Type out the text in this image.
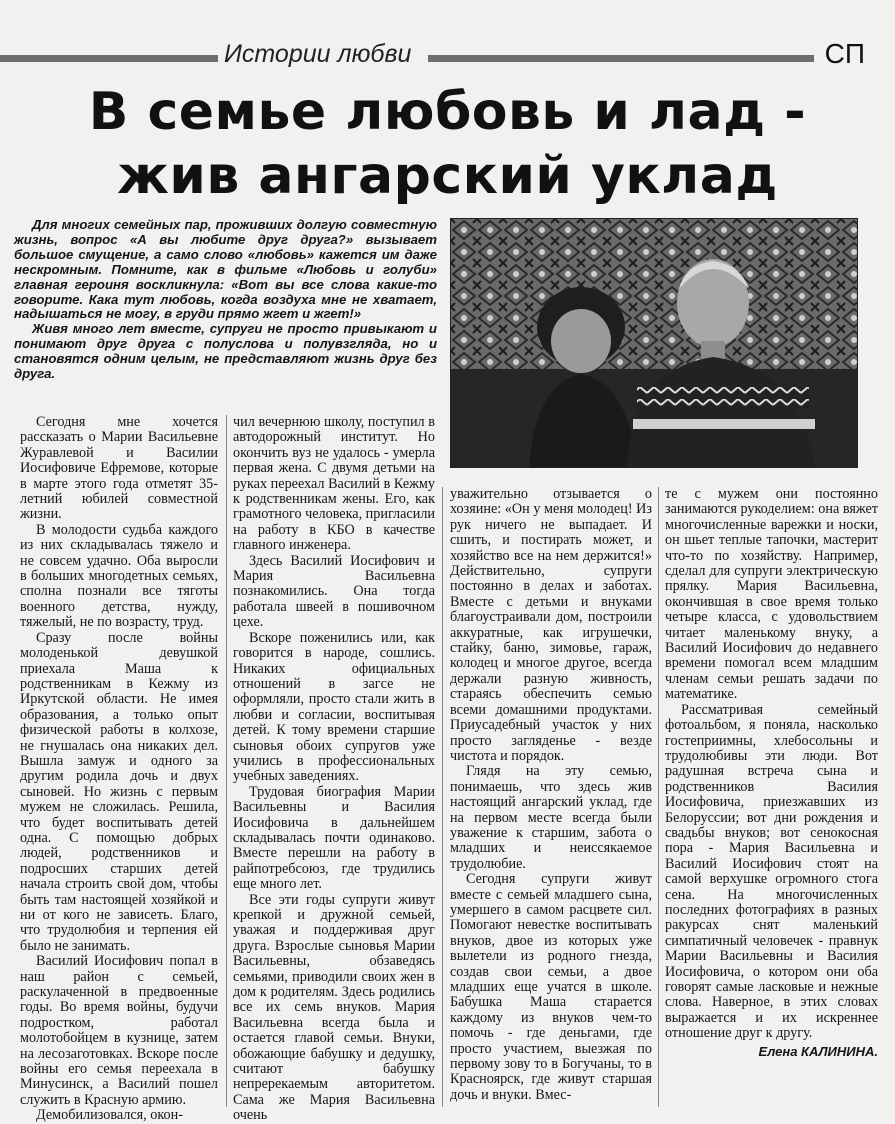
Истории любви	СП
В семье любовь и лад -
жив ангарский уклад

Для многих семейных пар, проживших долгую совместную жизнь, вопрос «А вы любите друг друга?» вызывает большое смущение, а само слово «любовь» кажется им даже нескромным. Помните, как в фильме «Любовь и голуби» главная героиня воскликнула: «Вот вы все слова какие-то говорите. Кака тут любовь, когда воздуха мне не хватает, надышаться не могу, в груди прямо жгет и жгет!»

Живя много лет вместе, супруги не просто привыкают и понимают друг друга с полуслова и полувзгляда, но и становятся одним целым, не представляют жизнь друг без друга.

Сегодня мне хочется рассказать о Марии Васильевне Журавлевой и Василии Иосифовиче Ефремове, которые в марте этого года отметят 35-летний юбилей совместной жизни.

В молодости судьба каждого из них складывалась тяжело и не совсем удачно. Оба выросли в больших многодетных семьях, сполна познали все тяготы военного детства, нужду, тяжелый, не по возрасту, труд.

Сразу после войны молоденькой девушкой приехала Маша к родственникам в Кежму из Иркутской области. Не имея образования, а только опыт физической работы в колхозе, не гнушалась она никаких дел. Вышла замуж и одного за другим родила дочь и двух сыновей. Но жизнь с первым мужем не сложилась. Решила, что будет воспитывать детей одна. С помощью добрых людей, родственников и подросших старших детей начала строить свой дом, чтобы быть там настоящей хозяйкой и ни от кого не зависеть. Благо, что трудолюбия и терпения ей было не занимать.

Василий Иосифович попал в наш район с семьей, раскулаченной в предвоенные годы. Во время войны, будучи подростком, работал молотобойцем в кузнице, затем на лесозаготовках. Вскоре после войны его семья переехала в Минусинск, а Василий пошел служить в Красную армию.

Демобилизовался, окон-

чил вечернюю школу, поступил в автодорожный институт. Но окончить вуз не удалось - умерла первая жена. С двумя детьми на руках переехал Василий в Кежму к родственникам жены. Его, как грамотного человека, пригласили на работу в КБО в качестве главного инженера.

Здесь Василий Иосифович и Мария Васильевна познакомились. Она тогда работала швеей в пошивочном цехе.

Вскоре поженились или, как говорится в народе, сошлись. Никаких официальных отношений в загсе не оформляли, просто стали жить в любви и согласии, воспитывая детей. К тому времени старшие сыновья обоих супругов уже учились в профессиональных учебных заведениях.

Трудовая биография Марии Васильевны и Василия Иосифовича в дальнейшем складывалась почти одинаково. Вместе перешли на работу в райпотребсоюз, где трудились еще много лет.

Все эти годы супруги живут крепкой и дружной семьей, уважая и поддерживая друг друга. Взрослые сыновья Марии Васильевны, обзаведясь семьями, приводили своих жен в дом к родителям. Здесь родились все их семь внуков. Мария Васильевна всегда была и остается главой семьи. Внуки, обожающие бабушку и дедушку, считают бабушку непререкаемым авторитетом. Сама же Мария Васильевна очень

уважительно отзывается о хозяине: «Он у меня молодец! Из рук ничего не выпадает. И сшить, и постирать может, и хозяйство все на нем держится!» Действительно, супруги постоянно в делах и заботах. Вместе с детьми и внуками благоустраивали дом, построили аккуратные, как игрушечки, стайку, баню, зимовье, гараж, колодец и многое другое, всегда держали разную живность, стараясь обеспечить семью всеми домашними продуктами. Приусадебный участок у них просто загляденье - везде чистота и порядок.

Глядя на эту семью, понимаешь, что здесь жив настоящий ангарский уклад, где на первом месте всегда были уважение к старшим, забота о младших и неиссякаемое трудолюбие.

Сегодня супруги живут вместе с семьей младшего сына, умершего в самом расцвете сил. Помогают невестке воспитывать внуков, двое из которых уже вылетели из родного гнезда, создав свои семьи, а двое младших еще учатся в школе. Бабушка Маша старается каждому из внуков чем-то помочь - где деньгами, где просто участием, выезжая по первому зову то в Богучаны, то в Красноярск, где живут старшая дочь и внуки. Вмес-

те с мужем они постоянно занимаются рукоделием: она вяжет многочисленные варежки и носки, он шьет теплые тапочки, мастерит что-то по хозяйству. Например, сделал для супруги электрическую прялку. Мария Васильевна, окончившая в свое время только четыре класса, с удовольствием читает маленькому внуку, а Василий Иосифович до недавнего времени помогал всем младшим членам семьи решать задачи по математике.

Рассматривая семейный фотоальбом, я поняла, насколько гостеприимны, хлебосольны и трудолюбивы эти люди. Вот радушная встреча сына и родственников Василия Иосифовича, приезжавших из Белоруссии; вот дни рождения и свадьбы внуков; вот сенокосная пора - Мария Васильевна и Василий Иосифович стоят на самой верхушке огромного стога сена. На многочисленных последних фотографиях в разных ракурсах снят маленький симпатичный человечек - правнук Марии Васильевны и Василия Иосифовича, о котором они оба говорят самые ласковые и нежные слова. Наверное, в этих словах выражается и их искреннее отношение друг к другу.

Елена КАЛИНИНА.
